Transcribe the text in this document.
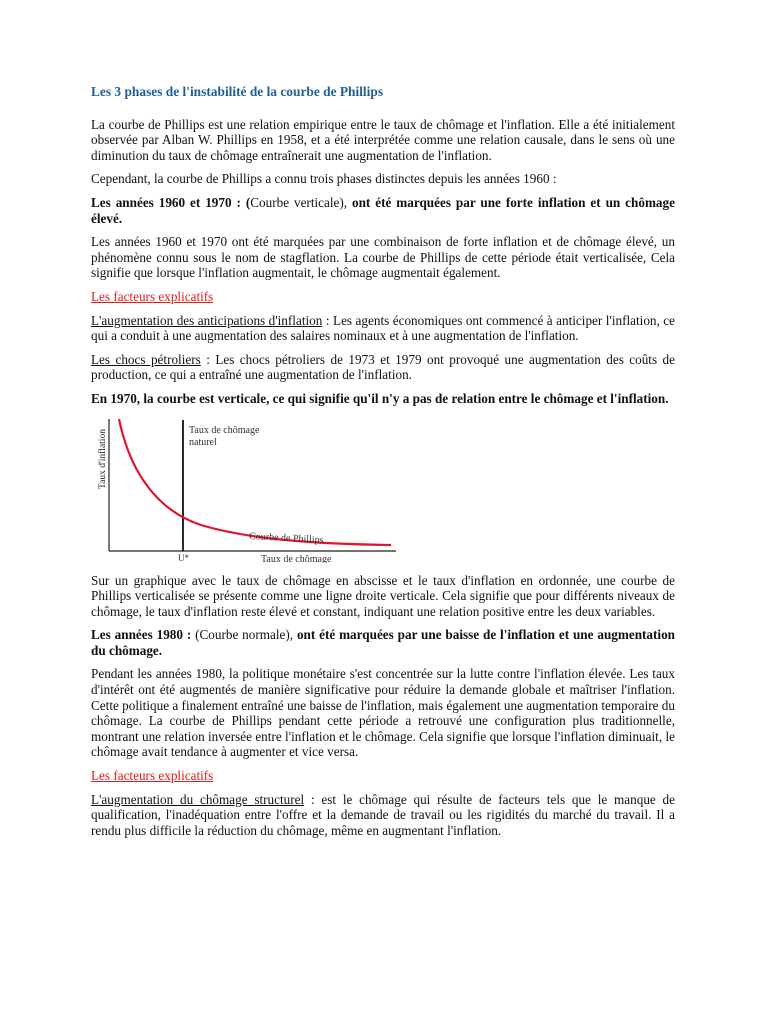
Les 3 phases de l'instabilité de la courbe de Phillips

La courbe de Phillips est une relation empirique entre le taux de chômage et l'inflation. Elle a été initialement observée par Alban W. Phillips en 1958, et a été interprétée comme une relation causale, dans le sens où une diminution du taux de chômage entraînerait une augmentation de l'inflation.

Cependant, la courbe de Phillips a connu trois phases distinctes depuis les années 1960 :

Les années 1960 et 1970 : (Courbe verticale), ont été marquées par une forte inflation et un chômage élevé.

Les années 1960 et 1970 ont été marquées par une combinaison de forte inflation et de chômage élevé, un phénomène connu sous le nom de stagflation. La courbe de Phillips de cette période était verticalisée, Cela signifie que lorsque l'inflation augmentait, le chômage augmentait également.

Les facteurs explicatifs

L'augmentation des anticipations d'inflation : Les agents économiques ont commencé à anticiper l'inflation, ce qui a conduit à une augmentation des salaires nominaux et à une augmentation de l'inflation.

Les chocs pétroliers : Les chocs pétroliers de 1973 et 1979 ont provoqué une augmentation des coûts de production, ce qui a entraîné une augmentation de l'inflation.

En 1970, la courbe est verticale, ce qui signifie qu'il n'y a pas de relation entre le chômage et l'inflation.

Taux d'inflation	Taux de chômage
naturel
Courbe de Phillips
U*	Taux de chômage

Sur un graphique avec le taux de chômage en abscisse et le taux d'inflation en ordonnée, une courbe de Phillips verticalisée se présente comme une ligne droite verticale. Cela signifie que pour différents niveaux de chômage, le taux d'inflation reste élevé et constant, indiquant une relation positive entre les deux variables.

Les années 1980 : (Courbe normale), ont été marquées par une baisse de l'inflation et une augmentation du chômage.

Pendant les années 1980, la politique monétaire s'est concentrée sur la lutte contre l'inflation élevée. Les taux d'intérêt ont été augmentés de manière significative pour réduire la demande globale et maîtriser l'inflation. Cette politique a finalement entraîné une baisse de l'inflation, mais également une augmentation temporaire du chômage. La courbe de Phillips pendant cette période a retrouvé une configuration plus traditionnelle, montrant une relation inversée entre l'inflation et le chômage. Cela signifie que lorsque l'inflation diminuait, le chômage avait tendance à augmenter et vice versa.

Les facteurs explicatifs

L'augmentation du chômage structurel : est le chômage qui résulte de facteurs tels que le manque de qualification, l'inadéquation entre l'offre et la demande de travail ou les rigidités du marché du travail. Il a rendu plus difficile la réduction du chômage, même en augmentant l'inflation.
